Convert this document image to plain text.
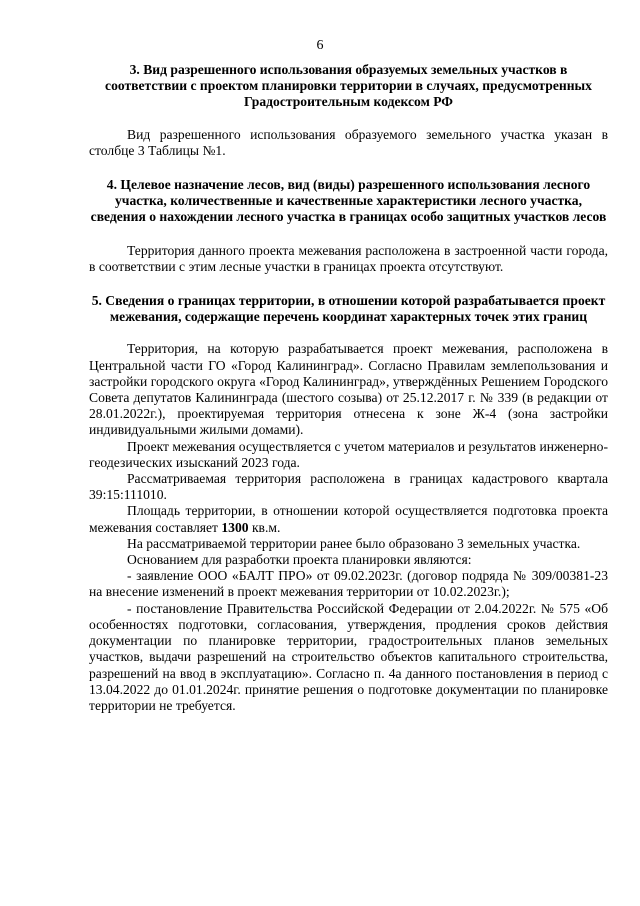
6

3. Вид разрешенного использования образуемых земельных участков в соответствии с проектом планировки территории в случаях, предусмотренных Градостроительным кодексом РФ

Вид разрешенного использования образуемого земельного участка указан в столбце 3 Таблицы №1.

4. Целевое назначение лесов, вид (виды) разрешенного использования лесного участка, количественные и качественные характеристики лесного участка, сведения о нахождении лесного участка в границах особо защитных участков лесов

Территория данного проекта межевания расположена в застроенной части города, в соответствии с этим лесные участки в границах проекта отсутствуют.

5. Сведения о границах территории, в отношении которой разрабатывается проект межевания, содержащие перечень координат характерных точек этих границ

Территория, на которую разрабатывается проект межевания, расположена в Центральной части ГО «Город Калининград». Согласно Правилам землепользования и застройки городского округа «Город Калининград», утверждённых Решением Городского Совета депутатов Калининграда (шестого созыва) от 25.12.2017 г. № 339 (в редакции от 28.01.2022г.), проектируемая территория отнесена к зоне Ж-4 (зона застройки индивидуальными жилыми домами).

Проект межевания осуществляется с учетом материалов и результатов инженерно-геодезических изысканий 2023 года.

Рассматриваемая территория расположена в границах кадастрового квартала 39:15:111010.

Площадь территории, в отношении которой осуществляется подготовка проекта межевания составляет 1300 кв.м.

На рассматриваемой территории ранее было образовано 3 земельных участка.

Основанием для разработки проекта планировки являются:

- заявление ООО «БАЛТ ПРО» от 09.02.2023г. (договор подряда № 309/00381-23 на внесение изменений в проект межевания территории от 10.02.2023г.);

- постановление Правительства Российской Федерации от 2.04.2022г. № 575 «Об особенностях подготовки, согласования, утверждения, продления сроков действия документации по планировке территории, градостроительных планов земельных участков, выдачи разрешений на строительство объектов капитального строительства, разрешений на ввод в эксплуатацию». Согласно п. 4а данного постановления в период с 13.04.2022 до 01.01.2024г. принятие решения о подготовке документации по планировке территории не требуется.
